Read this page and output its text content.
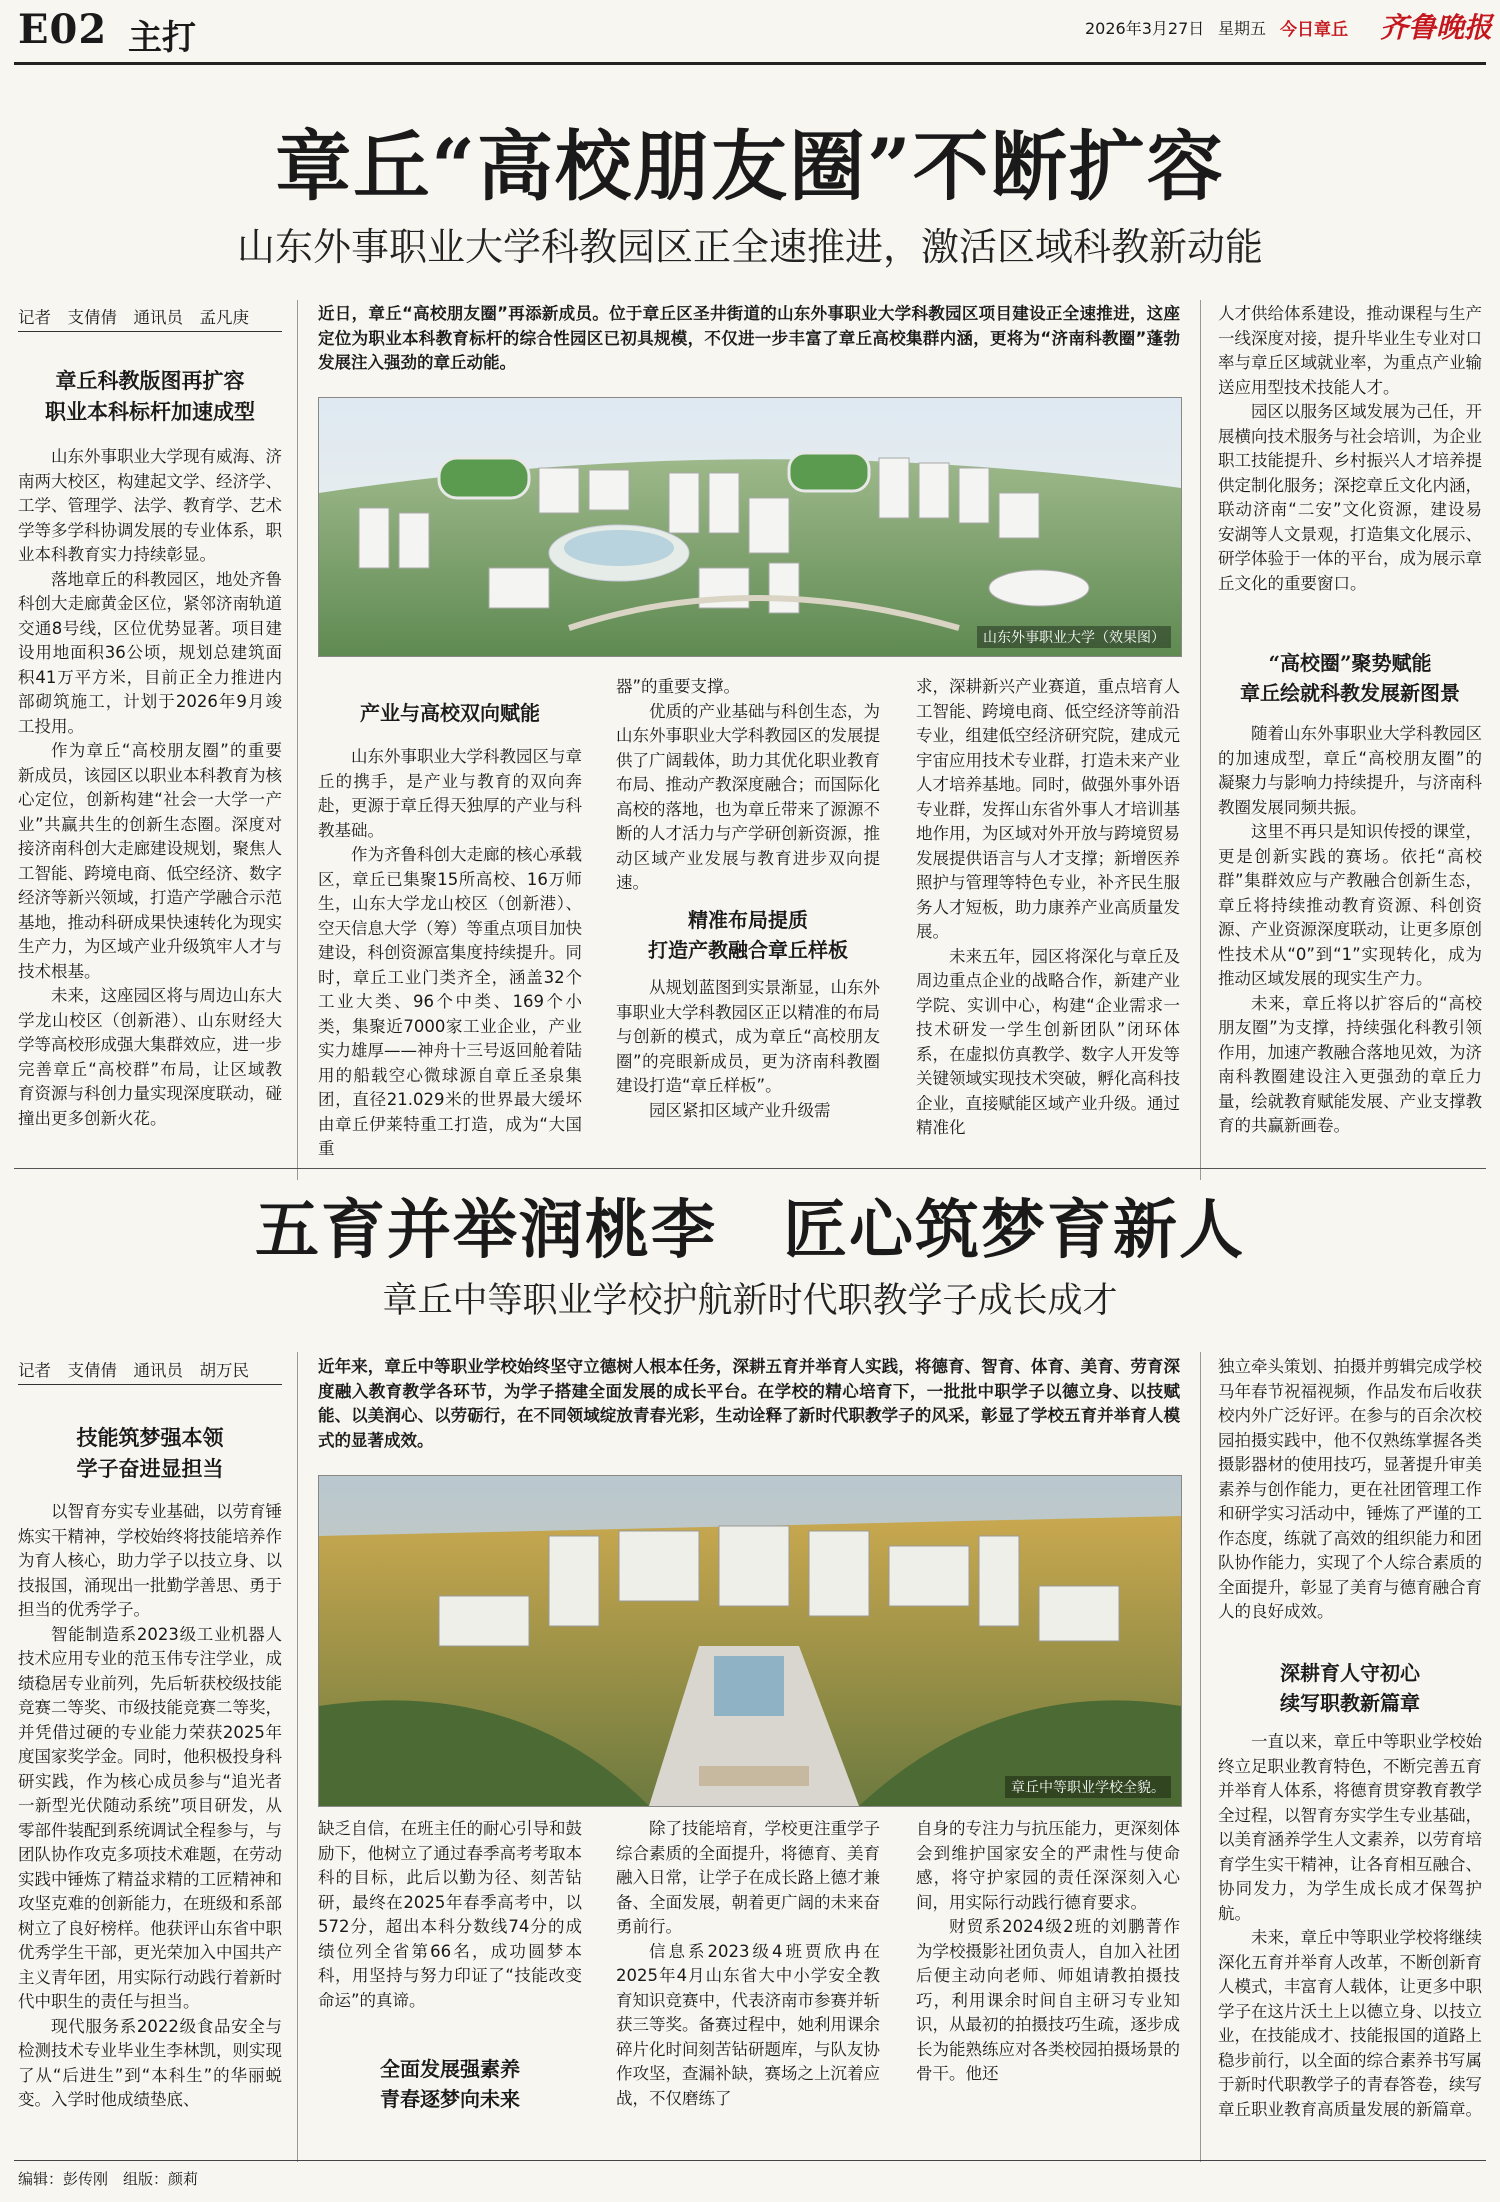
E02 主打	2026年3月27日 星期五 今日章丘 齐鲁晚报
章丘“高校朋友圈”不断扩容
山东外事职业大学科教园区正全速推进，激活区域科教新动能
记者　支倩倩　通讯员　孟凡庚	近日，章丘“高校朋友圈”再添新成员。位于章丘区圣井街道的山东外事职业大学科教园区项目建设正全速推进，这座定位为职业本科教育标杆的综合性园区已初具规模，不仅进一步丰富了章丘高校集群内涵，更将为“济南科教圈”蓬勃发展注入强劲的章丘动能。
山东外事职业大学（效果图）
章丘科教版图再扩容
职业本科标杆加速成型

山东外事职业大学现有威海、济南两大校区，构建起文学、经济学、工学、管理学、法学、教育学、艺术学等多学科协调发展的专业体系，职业本科教育实力持续彰显。

落地章丘的科教园区，地处齐鲁科创大走廊黄金区位，紧邻济南轨道交通8号线，区位优势显著。项目建设用地面积36公顷，规划总建筑面积41万平方米，目前正全力推进内部砌筑施工，计划于2026年9月竣工投用。

作为章丘“高校朋友圈”的重要新成员，该园区以职业本科教育为核心定位，创新构建“社会一大学一产业”共赢共生的创新生态圈。深度对接济南科创大走廊建设规划，聚焦人工智能、跨境电商、低空经济、数字经济等新兴领域，打造产学融合示范基地，推动科研成果快速转化为现实生产力，为区域产业升级筑牢人才与技术根基。

未来，这座园区将与周边山东大学龙山校区（创新港）、山东财经大学等高校形成强大集群效应，进一步完善章丘“高校群”布局，让区域教育资源与科创力量实现深度联动，碰撞出更多创新火花。

产业与高校双向赋能

山东外事职业大学科教园区与章丘的携手，是产业与教育的双向奔赴，更源于章丘得天独厚的产业与科教基础。

作为齐鲁科创大走廊的核心承载区，章丘已集聚15所高校、16万师生，山东大学龙山校区（创新港）、空天信息大学（筹）等重点项目加快建设，科创资源富集度持续提升。同时，章丘工业门类齐全，涵盖32个工业大类、96个中类、169个小类，集聚近7000家工业企业，产业实力雄厚——神舟十三号返回舱着陆用的船载空心微球源自章丘圣泉集团，直径21.029米的世界最大缓坏由章丘伊莱特重工打造，成为“大国重

器”的重要支撑。

优质的产业基础与科创生态，为山东外事职业大学科教园区的发展提供了广阔载体，助力其优化职业教育布局、推动产教深度融合；而国际化高校的落地，也为章丘带来了源源不断的人才活力与产学研创新资源，推动区域产业发展与教育进步双向提速。

精准布局提质
打造产教融合章丘样板

从规划蓝图到实景渐显，山东外事职业大学科教园区正以精准的布局与创新的模式，成为章丘“高校朋友圈”的亮眼新成员，更为济南科教圈建设打造“章丘样板”。

园区紧扣区域产业升级需

求，深耕新兴产业赛道，重点培育人工智能、跨境电商、低空经济等前沿专业，组建低空经济研究院，建成元宇宙应用技术专业群，打造未来产业人才培养基地。同时，做强外事外语专业群，发挥山东省外事人才培训基地作用，为区域对外开放与跨境贸易发展提供语言与人才支撑；新增医养照护与管理等特色专业，补齐民生服务人才短板，助力康养产业高质量发展。

未来五年，园区将深化与章丘及周边重点企业的战略合作，新建产业学院、实训中心，构建“企业需求一技术研发一学生创新团队”闭环体系，在虚拟仿真教学、数字人开发等关键领域实现技术突破，孵化高科技企业，直接赋能区域产业升级。通过精准化

人才供给体系建设，推动课程与生产一线深度对接，提升毕业生专业对口率与章丘区域就业率，为重点产业输送应用型技术技能人才。

园区以服务区域发展为己任，开展横向技术服务与社会培训，为企业职工技能提升、乡村振兴人才培养提供定制化服务；深挖章丘文化内涵，联动济南“二安”文化资源，建设易安湖等人文景观，打造集文化展示、研学体验于一体的平台，成为展示章丘文化的重要窗口。

“高校圈”聚势赋能
章丘绘就科教发展新图景

随着山东外事职业大学科教园区的加速成型，章丘“高校朋友圈”的凝聚力与影响力持续提升，与济南科教圈发展同频共振。

这里不再只是知识传授的课堂，更是创新实践的赛场。依托“高校群”集群效应与产教融合创新生态，章丘将持续推动教育资源、科创资源、产业资源深度联动，让更多原创性技术从“0”到“1”实现转化，成为推动区域发展的现实生产力。

未来，章丘将以扩容后的“高校朋友圈”为支撑，持续强化科教引领作用，加速产教融合落地见效，为济南科教圈建设注入更强劲的章丘力量，绘就教育赋能发展、产业支撑教育的共赢新画卷。

五育并举润桃李　匠心筑梦育新人
章丘中等职业学校护航新时代职教学子成长成才
记者　支倩倩　通讯员　胡万民	近年来，章丘中等职业学校始终坚守立德树人根本任务，深耕五育并举育人实践，将德育、智育、体育、美育、劳育深度融入教育教学各环节，为学子搭建全面发展的成长平台。在学校的精心培育下，一批批中职学子以德立身、以技赋能、以美润心、以劳砺行，在不同领域绽放青春光彩，生动诠释了新时代职教学子的风采，彰显了学校五育并举育人模式的显著成效。
章丘中等职业学校全貌。
技能筑梦强本领
学子奋进显担当

以智育夯实专业基础，以劳育锤炼实干精神，学校始终将技能培养作为育人核心，助力学子以技立身、以技报国，涌现出一批勤学善思、勇于担当的优秀学子。

智能制造系2023级工业机器人技术应用专业的范玉伟专注学业，成绩稳居专业前列，先后斩获校级技能竞赛二等奖、市级技能竞赛二等奖，并凭借过硬的专业能力荣获2025年度国家奖学金。同时，他积极投身科研实践，作为核心成员参与“追光者一新型光伏随动系统”项目研发，从零部件装配到系统调试全程参与，与团队协作攻克多项技术难题，在劳动实践中锤炼了精益求精的工匠精神和攻坚克难的创新能力，在班级和系部树立了良好榜样。他获评山东省中职优秀学生干部，更光荣加入中国共产主义青年团，用实际行动践行着新时代中职生的责任与担当。

现代服务系2022级食品安全与检测技术专业毕业生李林凯，则实现了从“后进生”到“本科生”的华丽蜕变。入学时他成绩垫底、

缺乏自信，在班主任的耐心引导和鼓励下，他树立了通过春季高考考取本科的目标，此后以勤为径、刻苦钻研，最终在2025年春季高考中，以572分，超出本科分数线74分的成绩位列全省第66名，成功圆梦本科，用坚持与努力印证了“技能改变命运”的真谛。
全面发展强素养
青春逐梦向未来

除了技能培育，学校更注重学子综合素质的全面提升，将德育、美育融入日常，让学子在成长路上德才兼备、全面发展，朝着更广阔的未来奋勇前行。

信息系2023级4班贾欣冉在2025年4月山东省大中小学安全教育知识竞赛中，代表济南市参赛并斩获三等奖。备赛过程中，她利用课余碎片化时间刻苦钻研题库，与队友协作攻坚，查漏补缺，赛场之上沉着应战，不仅磨练了

自身的专注力与抗压能力，更深刻体会到维护国家安全的严肃性与使命感，将守护家园的责任深深刻入心间，用实际行动践行德育要求。

财贸系2024级2班的刘鹏菁作为学校摄影社团负责人，自加入社团后便主动向老师、师姐请教拍摄技巧，利用课余时间自主研习专业知识，从最初的拍摄技巧生疏，逐步成长为能熟练应对各类校园拍摄场景的骨干。他还

独立牵头策划、拍摄并剪辑完成学校马年春节祝福视频，作品发布后收获校内外广泛好评。在参与的百余次校园拍摄实践中，他不仅熟练掌握各类摄影器材的使用技巧，显著提升审美素养与创作能力，更在社团管理工作和研学实习活动中，锤炼了严谨的工作态度，练就了高效的组织能力和团队协作能力，实现了个人综合素质的全面提升，彰显了美育与德育融合育人的良好成效。
深耕育人守初心
续写职教新篇章

一直以来，章丘中等职业学校始终立足职业教育特色，不断完善五育并举育人体系，将德育贯穿教育教学全过程，以智育夯实学生专业基础，以美育涵养学生人文素养，以劳育培育学生实干精神，让各育相互融合、协同发力，为学生成长成才保驾护航。

未来，章丘中等职业学校将继续深化五育并举育人改革，不断创新育人模式，丰富育人载体，让更多中职学子在这片沃土上以德立身、以技立业，在技能成才、技能报国的道路上稳步前行，以全面的综合素养书写属于新时代职教学子的青春答卷，续写章丘职业教育高质量发展的新篇章。

编辑：彭传刚　组版：颜莉
